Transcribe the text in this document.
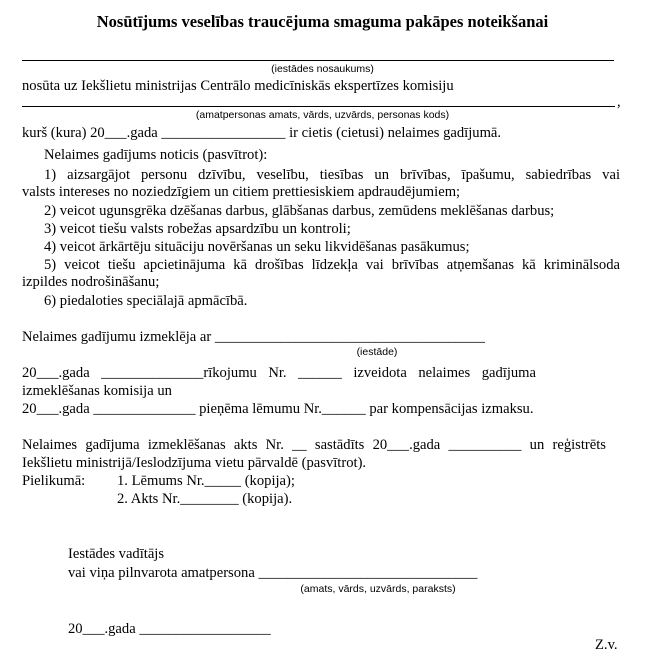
Nosūtījums veselības traucējuma smaguma pakāpes noteikšanai
(iestādes nosaukums)
nosūta uz Iekšlietu ministrijas Centrālo medicīniskās ekspertīzes komisiju
,
(amatpersonas amats, vārds, uzvārds, personas kods)
kurš (kura) 20___.gada _________________ ir cietis (cietusi) nelaimes gadījumā.
Nelaimes gadījums noticis (pasvītrot):
1) aizsargājot personu dzīvību, veselību, tiesības un brīvības, īpašumu, sabiedrības vai
valsts intereses no noziedzīgiem un citiem prettiesiskiem apdraudējumiem;
2) veicot ugunsgrēka dzēšanas darbus, glābšanas darbus, zemūdens meklēšanas darbus;
3) veicot tiešu valsts robežas apsardzību un kontroli;
4) veicot ārkārtēju situāciju novēršanas un seku likvidēšanas pasākumus;
5) veicot tiešu apcietinājuma kā drošības līdzekļa vai brīvības atņemšanas kā kriminālsoda
izpildes nodrošināšanu;
6) piedaloties speciālajā apmācībā.
Nelaimes gadījumu izmeklēja ar _____________________________________
(iestāde)
20___.gada ______________rīkojumu Nr. ______ izveidota nelaimes gadījuma
izmeklēšanas komisija un
20___.gada ______________ pieņēma lēmumu Nr.______ par kompensācijas izmaksu.
Nelaimes gadījuma izmeklēšanas akts Nr. __ sastādīts 20___.gada __________ un reģistrēts
Iekšlietu ministrijā/Ieslodzījuma vietu pārvaldē (pasvītrot).
Pielikumā: 1. Lēmums Nr._____ (kopija);
2. Akts Nr.________ (kopija).
Iestādes vadītājs
vai viņa pilnvarota amatpersona ______________________________
(amats, vārds, uzvārds, paraksts)
20___.gada __________________
Z.v.
